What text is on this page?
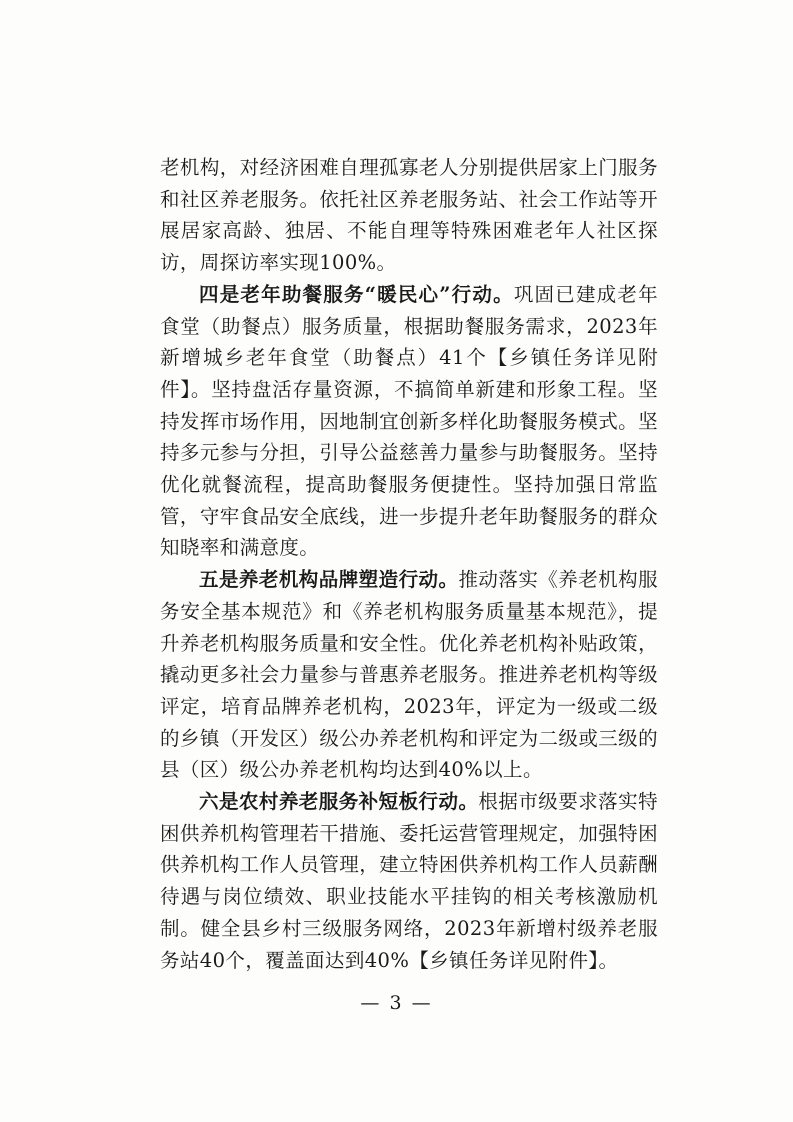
老机构，对经济困难自理孤寡老人分别提供居家上门服务和社区养老服务。依托社区养老服务站、社会工作站等开展居家高龄、独居、不能自理等特殊困难老年人社区探访，周探访率实现100%。

四是老年助餐服务“暖民心”行动。巩固已建成老年食堂（助餐点）服务质量，根据助餐服务需求，2023年新增城乡老年食堂（助餐点）41个【乡镇任务详见附件】。坚持盘活存量资源，不搞简单新建和形象工程。坚持发挥市场作用，因地制宜创新多样化助餐服务模式。坚持多元参与分担，引导公益慈善力量参与助餐服务。坚持优化就餐流程，提高助餐服务便捷性。坚持加强日常监管，守牢食品安全底线，进一步提升老年助餐服务的群众知晓率和满意度。

五是养老机构品牌塑造行动。推动落实《养老机构服务安全基本规范》和《养老机构服务质量基本规范》，提升养老机构服务质量和安全性。优化养老机构补贴政策，撬动更多社会力量参与普惠养老服务。推进养老机构等级评定，培育品牌养老机构，2023年，评定为一级或二级的乡镇（开发区）级公办养老机构和评定为二级或三级的县（区）级公办养老机构均达到40%以上。

六是农村养老服务补短板行动。根据市级要求落实特困供养机构管理若干措施、委托运营管理规定，加强特困供养机构工作人员管理，建立特困供养机构工作人员薪酬待遇与岗位绩效、职业技能水平挂钩的相关考核激励机制。健全县乡村三级服务网络，2023年新增村级养老服务站40个，覆盖面达到40%【乡镇任务详见附件】。

— 3 —
